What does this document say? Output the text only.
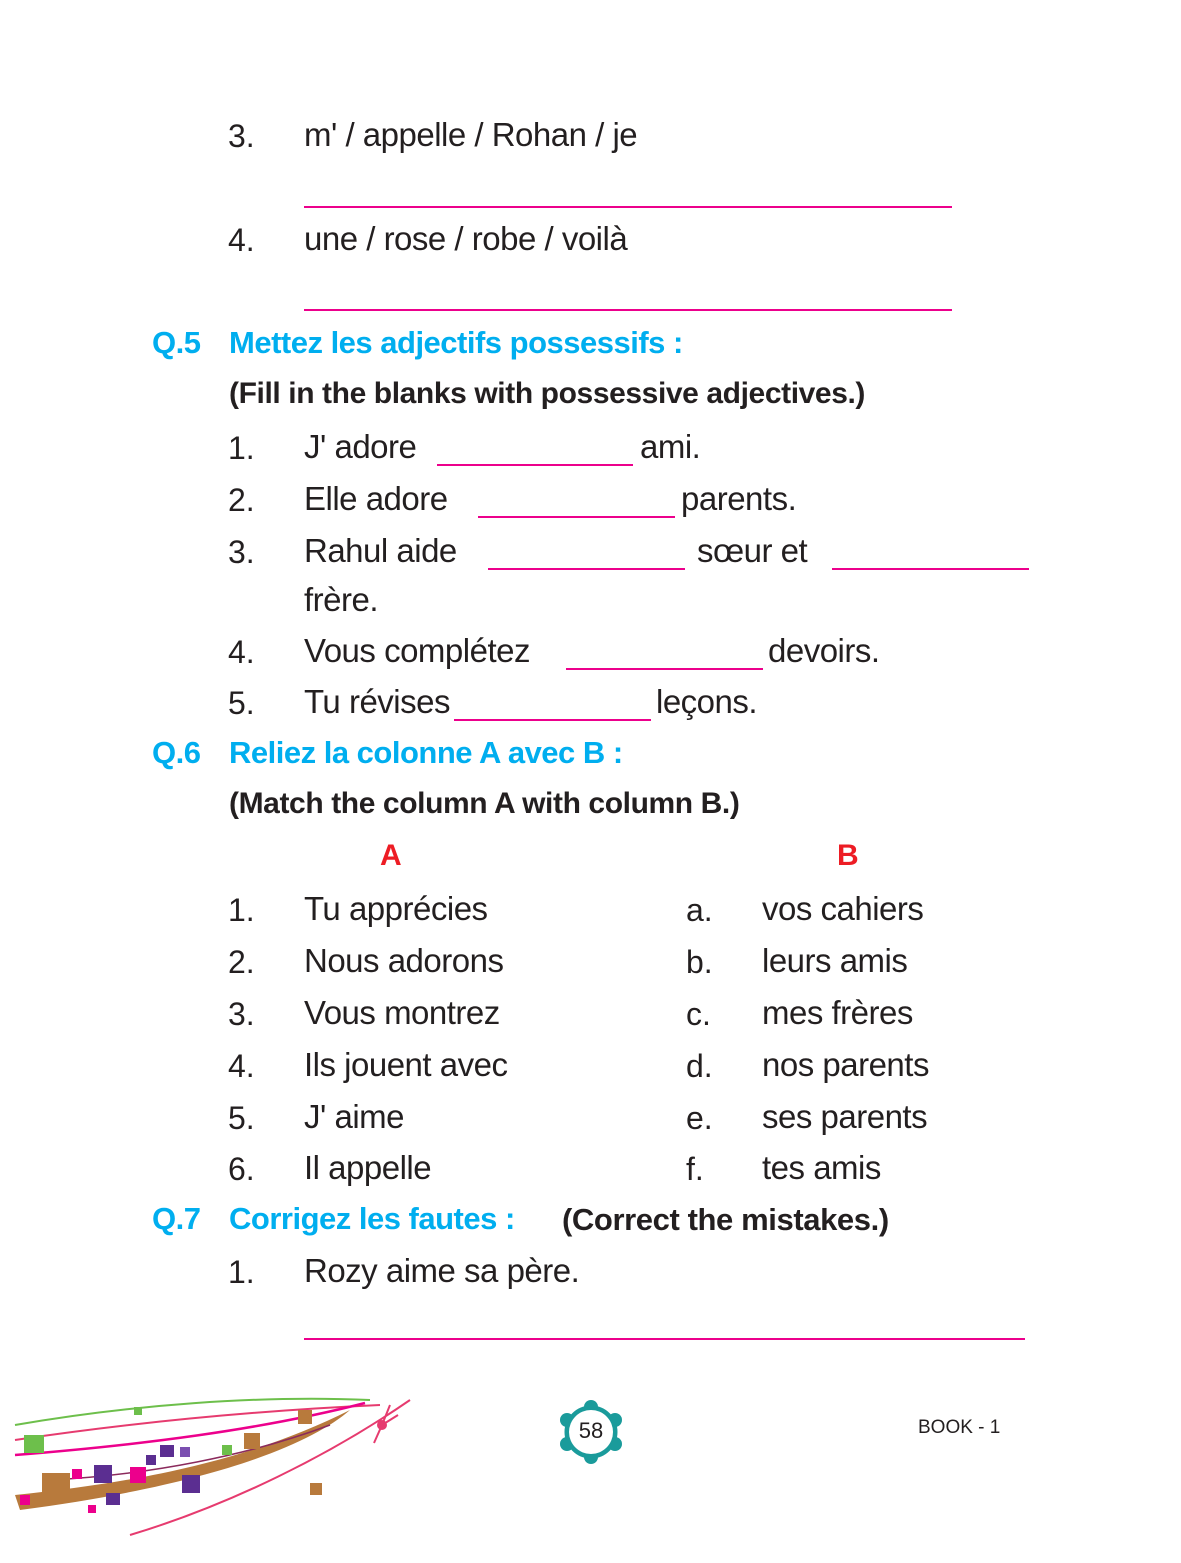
3. m' / appelle / Rohan / je
4. une / rose / robe / voilà
Q.5 Mettez les adjectifs possessifs :
(Fill in the blanks with possessive adjectives.)
1. J' adore	ami.
2. Elle adore	parents.
3. Rahul aide	sœur et
frère.
4. Vous complétez	devoirs.
5. Tu révises	leçons.
Q.6 Reliez la colonne A avec B :
(Match the column A with column B.)
A	B
1. Tu apprécies	a. vos cahiers
2. Nous adorons	b. leurs amis
3. Vous montrez	c. mes frères
4. Ils jouent avec	d. nos parents
5. J' aime	e. ses parents
6. Il appelle	f. tes amis
Q.7 Corrigez les fautes : (Correct the mistakes.)
1. Rozy aime sa père.
58	BOOK - 1
